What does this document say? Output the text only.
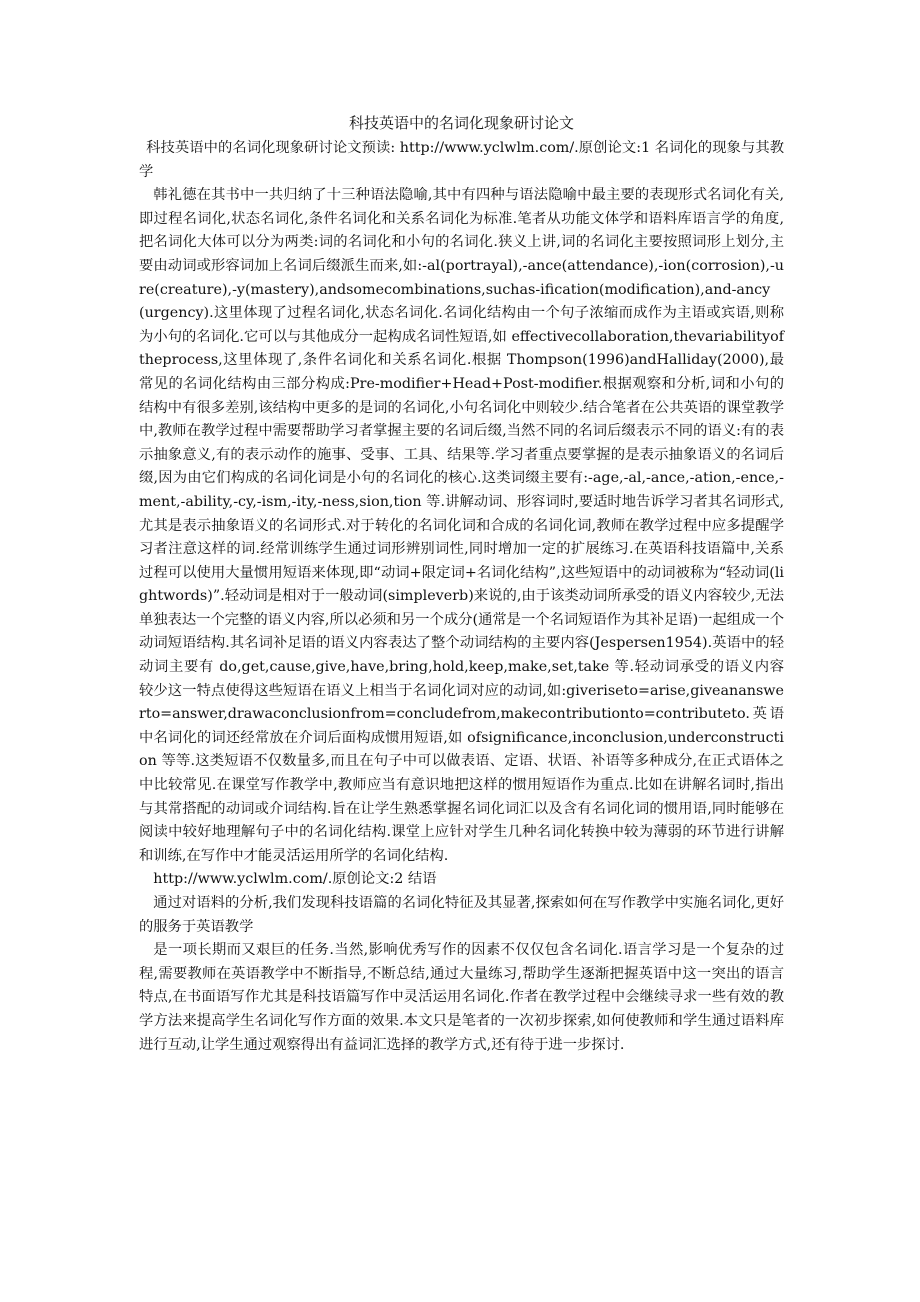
科技英语中的名词化现象研讨论文

科技英语中的名词化现象研讨论文预读: http://www.yclwlm.com/.原创论文:1 名词化的现象与其教学

韩礼德在其书中一共归纳了十三种语法隐喻,其中有四种与语法隐喻中最主要的表现形式名词化有关,即过程名词化,状态名词化,条件名词化和关系名词化为标准.笔者从功能文体学和语料库语言学的角度,把名词化大体可以分为两类:词的名词化和小句的名词化.狭义上讲,词的名词化主要按照词形上划分,主要由动词或形容词加上名词后缀派生而来,如:-al(portrayal),-ance(attendance),-ion(corrosion),-ure(creature),-y(mastery),andsomecombinations,suchas-ification(modification),and-ancy(urgency).这里体现了过程名词化,状态名词化.名词化结构由一个句子浓缩而成作为主语或宾语,则称为小句的名词化.它可以与其他成分一起构成名词性短语,如 effectivecollaboration,thevariabilityoftheprocess,这里体现了,条件名词化和关系名词化.根据 Thompson(1996)andHalliday(2000),最常见的名词化结构由三部分构成:Pre-modifier+Head+Post-modifier.根据观察和分析,词和小句的结构中有很多差别,该结构中更多的是词的名词化,小句名词化中则较少.结合笔者在公共英语的课堂教学中,教师在教学过程中需要帮助学习者掌握主要的名词后缀,当然不同的名词后缀表示不同的语义:有的表示抽象意义,有的表示动作的施事、受事、工具、结果等.学习者重点要掌握的是表示抽象语义的名词后缀,因为由它们构成的名词化词是小句的名词化的核心.这类词缀主要有:-age,-al,-ance,-ation,-ence,-ment,-ability,-cy,-ism,-ity,-ness,sion,tion 等.讲解动词、形容词时,要适时地告诉学习者其名词形式,尤其是表示抽象语义的名词形式.对于转化的名词化词和合成的名词化词,教师在教学过程中应多提醒学习者注意这样的词.经常训练学生通过词形辨别词性,同时增加一定的扩展练习.在英语科技语篇中,关系过程可以使用大量惯用短语来体现,即“动词+限定词+名词化结构”,这些短语中的动词被称为“轻动词(lightwords)”.轻动词是相对于一般动词(simpleverb)来说的,由于该类动词所承受的语义内容较少,无法单独表达一个完整的语义内容,所以必须和另一个成分(通常是一个名词短语作为其补足语)一起组成一个动词短语结构.其名词补足语的语义内容表达了整个动词结构的主要内容(Jespersen1954).英语中的轻动词主要有 do,get,cause,give,have,bring,hold,keep,make,set,take 等.轻动词承受的语义内容较少这一特点使得这些短语在语义上相当于名词化词对应的动词,如:giveriseto=arise,giveananswerto=answer,drawaconclusionfrom=concludefrom,makecontributionto=contributeto.英语中名词化的词还经常放在介词后面构成惯用短语,如 ofsignificance,inconclusion,underconstruction 等等.这类短语不仅数量多,而且在句子中可以做表语、定语、状语、补语等多种成分,在正式语体之中比较常见.在课堂写作教学中,教师应当有意识地把这样的惯用短语作为重点.比如在讲解名词时,指出与其常搭配的动词或介词结构.旨在让学生熟悉掌握名词化词汇以及含有名词化词的惯用语,同时能够在阅读中较好地理解句子中的名词化结构.课堂上应针对学生几种名词化转换中较为薄弱的环节进行讲解和训练,在写作中才能灵活运用所学的名词化结构.

http://www.yclwlm.com/.原创论文:2 结语

通过对语料的分析,我们发现科技语篇的名词化特征及其显著,探索如何在写作教学中实施名词化,更好的服务于英语教学

是一项长期而又艰巨的任务.当然,影响优秀写作的因素不仅仅包含名词化.语言学习是一个复杂的过程,需要教师在英语教学中不断指导,不断总结,通过大量练习,帮助学生逐渐把握英语中这一突出的语言特点,在书面语写作尤其是科技语篇写作中灵活运用名词化.作者在教学过程中会继续寻求一些有效的教学方法来提高学生名词化写作方面的效果.本文只是笔者的一次初步探索,如何使教师和学生通过语料库进行互动,让学生通过观察得出有益词汇选择的教学方式,还有待于进一步探讨.
